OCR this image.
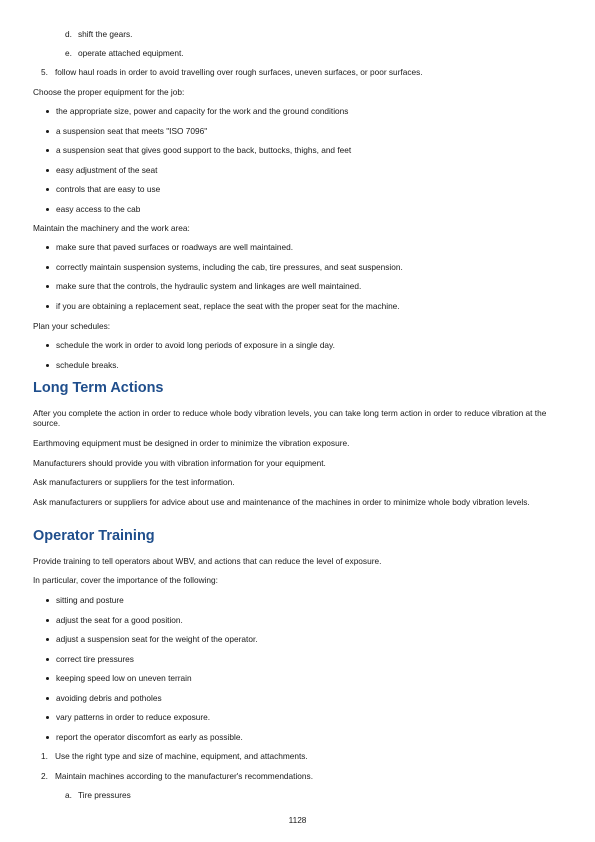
d. shift the gears.
e. operate attached equipment.
5. follow haul roads in order to avoid travelling over rough surfaces, uneven surfaces, or poor surfaces.
Choose the proper equipment for the job:
the appropriate size, power and capacity for the work and the ground conditions
a suspension seat that meets "ISO 7096"
a suspension seat that gives good support to the back, buttocks, thighs, and feet
easy adjustment of the seat
controls that are easy to use
easy access to the cab
Maintain the machinery and the work area:
make sure that paved surfaces or roadways are well maintained.
correctly maintain suspension systems, including the cab, tire pressures, and seat suspension.
make sure that the controls, the hydraulic system and linkages are well maintained.
if you are obtaining a replacement seat, replace the seat with the proper seat for the machine.
Plan your schedules:
schedule the work in order to avoid long periods of exposure in a single day.
schedule breaks.
Long Term Actions
After you complete the action in order to reduce whole body vibration levels, you can take long term action in order to reduce vibration at the source.
Earthmoving equipment must be designed in order to minimize the vibration exposure.
Manufacturers should provide you with vibration information for your equipment.
Ask manufacturers or suppliers for the test information.
Ask manufacturers or suppliers for advice about use and maintenance of the machines in order to minimize whole body vibration levels.
Operator Training
Provide training to tell operators about WBV, and actions that can reduce the level of exposure.
In particular, cover the importance of the following:
sitting and posture
adjust the seat for a good position.
adjust a suspension seat for the weight of the operator.
correct tire pressures
keeping speed low on uneven terrain
avoiding debris and potholes
vary patterns in order to reduce exposure.
report the operator discomfort as early as possible.
1. Use the right type and size of machine, equipment, and attachments.
2. Maintain machines according to the manufacturer's recommendations.
a. Tire pressures
1128
